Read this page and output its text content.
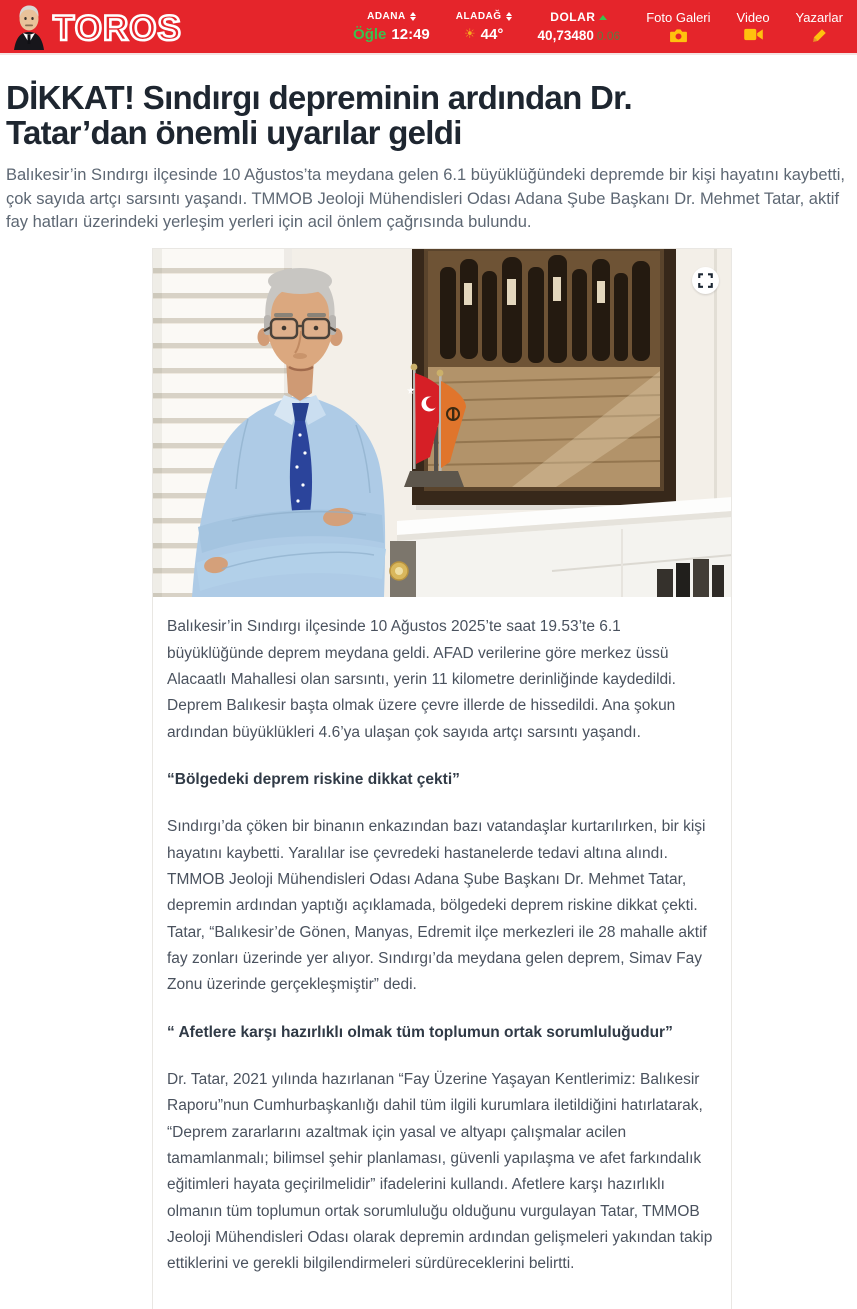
TOROS	ADANA
Öğle 12:49
ALADAĞ
☀ 44°
DOLAR
40,73480 0.06
Foto Galeri Video Yazarlar
DİKKAT! Sındırgı depreminin ardından Dr. Tatar’dan önemli uyarılar geldi

Balıkesir’in Sındırgı ilçesinde 10 Ağustos’ta meydana gelen 6.1 büyüklüğündeki depremde bir kişi hayatını kaybetti, çok sayıda artçı sarsıntı yaşandı. TMMOB Jeoloji Mühendisleri Odası Adana Şube Başkanı Dr. Mehmet Tatar, aktif fay hatları üzerindeki yerleşim yerleri için acil önlem çağrısında bulundu.

Balıkesir’in Sındırgı ilçesinde 10 Ağustos 2025’te saat 19.53’te 6.1 büyüklüğünde deprem meydana geldi. AFAD verilerine göre merkez üssü Alacaatlı Mahallesi olan sarsıntı, yerin 11 kilometre derinliğinde kaydedildi. Deprem Balıkesir başta olmak üzere çevre illerde de hissedildi. Ana şokun ardından büyüklükleri 4.6’ya ulaşan çok sayıda artçı sarsıntı yaşandı.

“Bölgedeki deprem riskine dikkat çekti”

Sındırgı’da çöken bir binanın enkazından bazı vatandaşlar kurtarılırken, bir kişi hayatını kaybetti. Yaralılar ise çevredeki hastanelerde tedavi altına alındı. TMMOB Jeoloji Mühendisleri Odası Adana Şube Başkanı Dr. Mehmet Tatar, depremin ardından yaptığı açıklamada, bölgedeki deprem riskine dikkat çekti. Tatar, “Balıkesir’de Gönen, Manyas, Edremit ilçe merkezleri ile 28 mahalle aktif fay zonları üzerinde yer alıyor. Sındırgı’da meydana gelen deprem, Simav Fay Zonu üzerinde gerçekleşmiştir” dedi.

“ Afetlere karşı hazırlıklı olmak tüm toplumun ortak sorumluluğudur”

Dr. Tatar, 2021 yılında hazırlanan “Fay Üzerine Yaşayan Kentlerimiz: Balıkesir Raporu”nun Cumhurbaşkanlığı dahil tüm ilgili kurumlara iletildiğini hatırlatarak, “Deprem zararlarını azaltmak için yasal ve altyapı çalışmalar acilen tamamlanmalı; bilimsel şehir planlaması, güvenli yapılaşma ve afet farkındalık eğitimleri hayata geçirilmelidir” ifadelerini kullandı. Afetlere karşı hazırlıklı olmanın tüm toplumun ortak sorumluluğu olduğunu vurgulayan Tatar, TMMOB Jeoloji Mühendisleri Odası olarak depremin ardından gelişmeleri yakından takip ettiklerini ve gerekli bilgilendirmeleri sürdüreceklerini belirtti.
